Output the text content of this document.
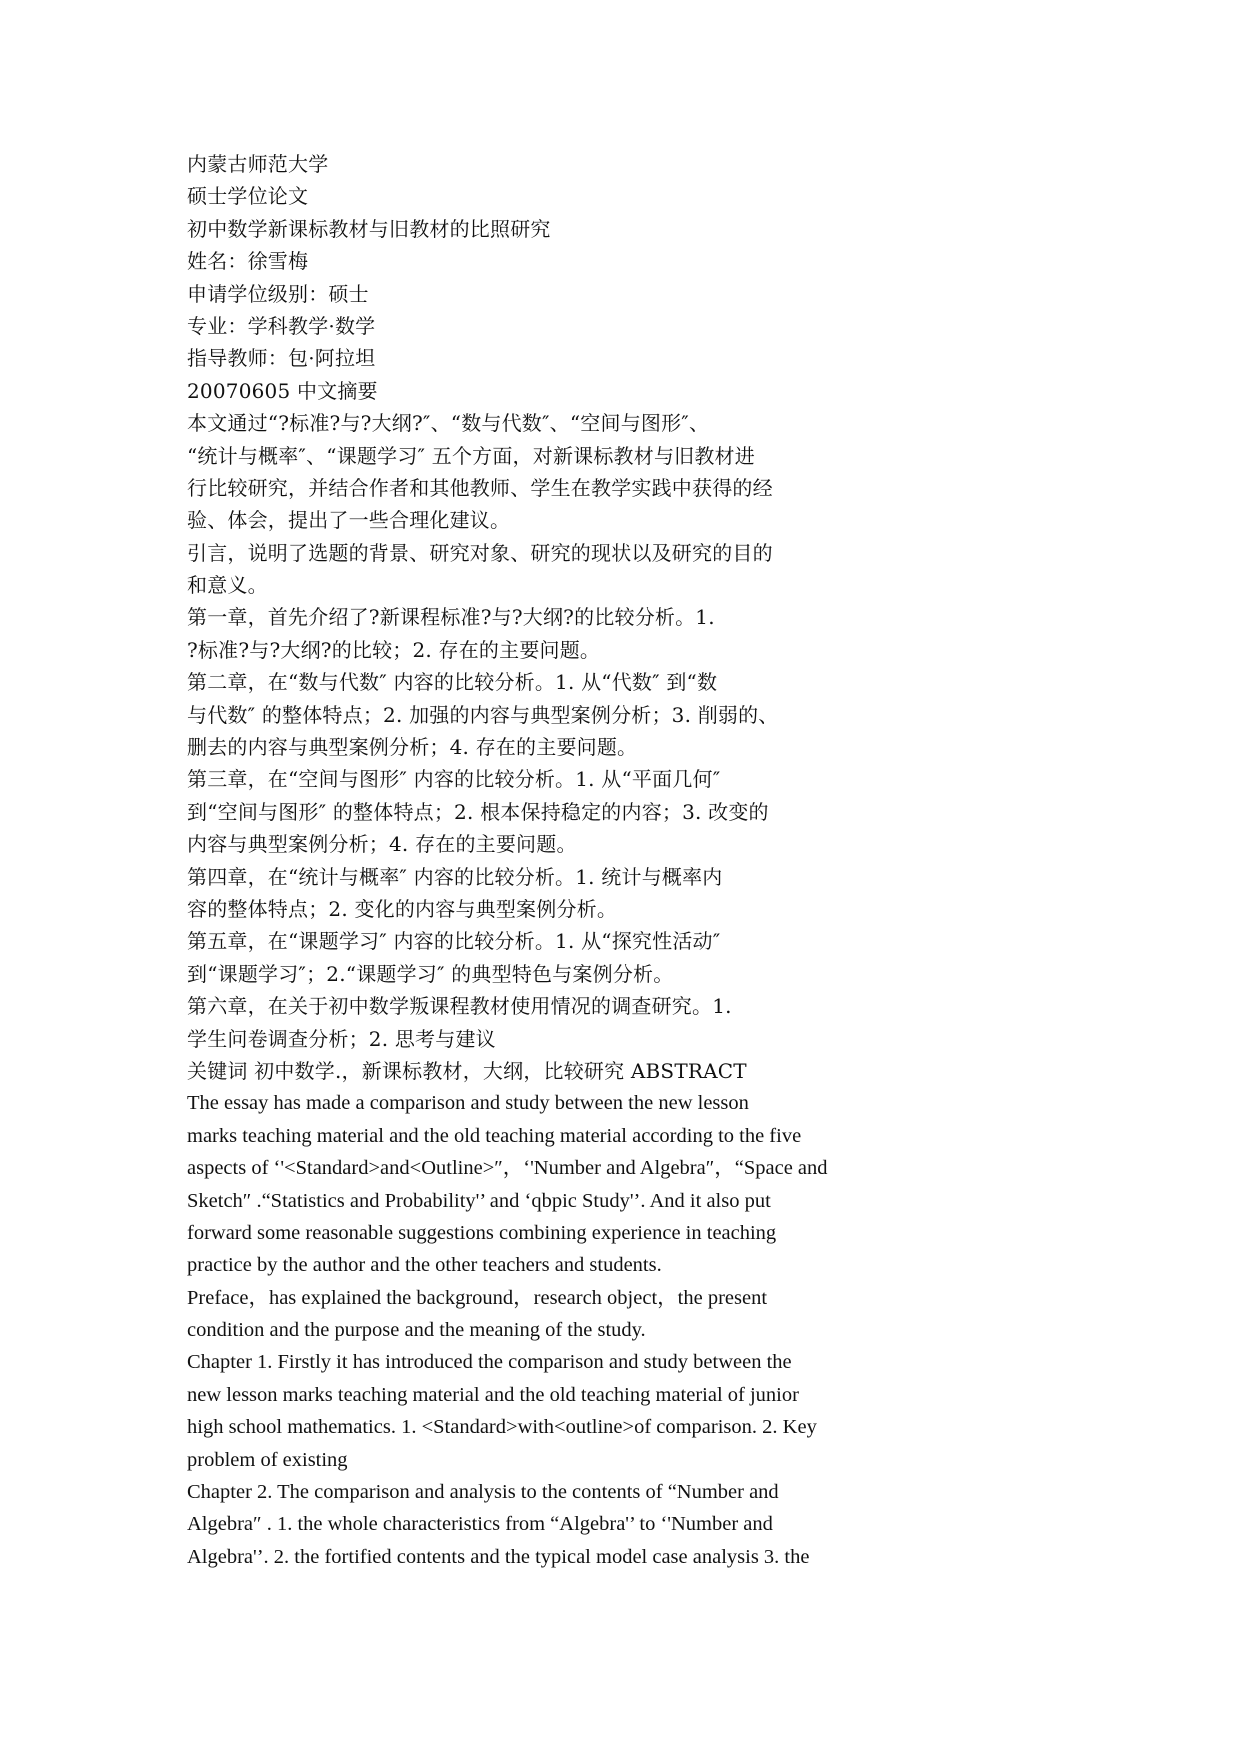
内蒙古师范大学
硕士学位论文
初中数学新课标教材与旧教材的比照研究
姓名：徐雪梅
申请学位级别：硕士
专业：学科教学·数学
指导教师：包·阿拉坦
20070605 中文摘要
本文通过“?标准?与?大纲?″、“数与代数″、“空间与图形″、
“统计与概率″、“课题学习″ 五个方面，对新课标教材与旧教材进
行比较研究，并结合作者和其他教师、学生在教学实践中获得的经
验、体会，提出了一些合理化建议。
引言，说明了选题的背景、研究对象、研究的现状以及研究的目的
和意义。
第一章，首先介绍了?新课程标准?与?大纲?的比较分析。1.
?标准?与?大纲?的比较；2. 存在的主要问题。
第二章，在“数与代数″ 内容的比较分析。1. 从“代数″ 到“数
与代数″ 的整体特点；2. 加强的内容与典型案例分析；3. 削弱的、
删去的内容与典型案例分析；4. 存在的主要问题。
第三章，在“空间与图形″ 内容的比较分析。1. 从“平面几何″
到“空间与图形″ 的整体特点；2. 根本保持稳定的内容；3. 改变的
内容与典型案例分析；4. 存在的主要问题。
第四章，在“统计与概率″ 内容的比较分析。1. 统计与概率内
容的整体特点；2. 变化的内容与典型案例分析。
第五章，在“课题学习″ 内容的比较分析。1. 从“探究性活动″
到“课题学习″；2.“课题学习″ 的典型特色与案例分析。
第六章，在关于初中数学叛课程教材使用情况的调查研究。1.
学生问卷调查分析；2. 思考与建议
关键词 初中数学.，新课标教材，大纲，比较研究 ABSTRACT
The essay has made a comparison and study between the new lesson
marks teaching material and the old teaching material according to the five
aspects of ‘'<Standard>and<Outline>″，‘'Number and Algebra″，“Space and
Sketch″ .“Statistics and Probability'’ and ‘qbpic Study'’. And it also put
forward some reasonable suggestions combining experience in teaching
practice by the author and the other teachers and students.
Preface，has explained the background，research object，the present
condition and the purpose and the meaning of the study.
Chapter 1. Firstly it has introduced the comparison and study between the
new lesson marks teaching material and the old teaching material of junior
high school mathematics. 1. <Standard>with<outline>of comparison. 2. Key
problem of existing
Chapter 2. The comparison and analysis to the contents of “Number and
Algebra″ . 1. the whole characteristics from “Algebra'’ to ‘'Number and
Algebra'’. 2. the fortified contents and the typical model case analysis 3. the
